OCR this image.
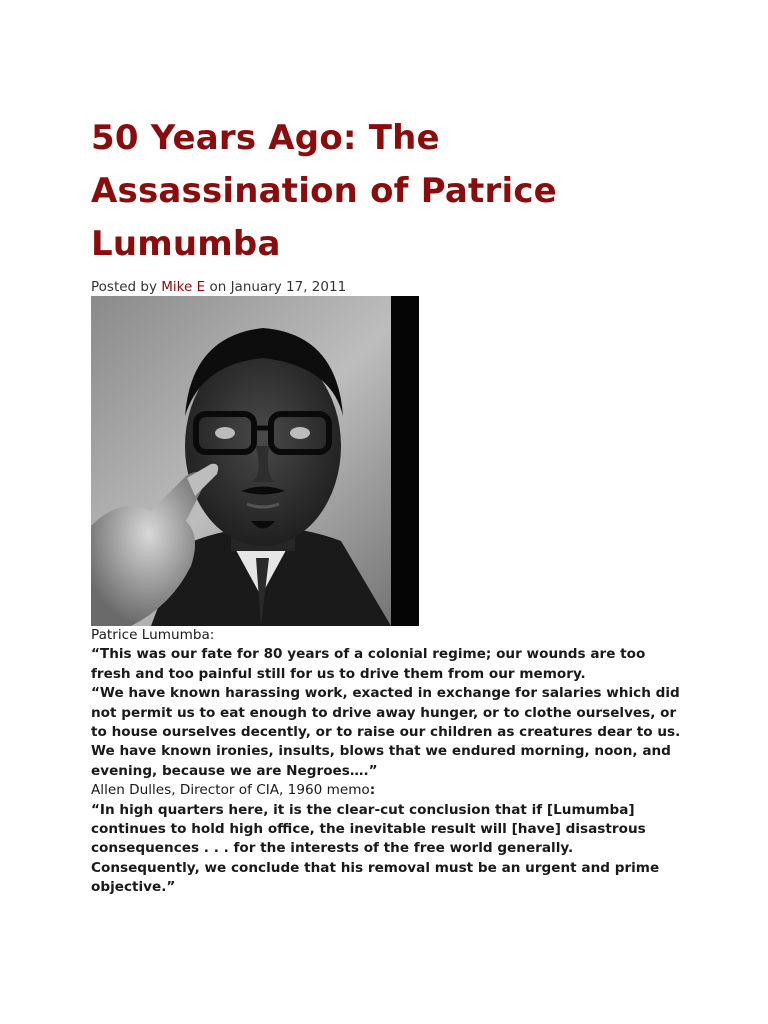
50 Years Ago: The
Assassination of Patrice
Lumumba
Posted by Mike E on January 17, 2011

Patrice Lumumba:

“This was our fate for 80 years of a colonial regime; our wounds are too fresh and too painful still for us to drive them from our memory.

“We have known harassing work, exacted in exchange for salaries which did not permit us to eat enough to drive away hunger, or to clothe ourselves, or to house ourselves decently, or to raise our children as creatures dear to us. We have known ironies, insults, blows that we endured morning, noon, and evening, because we are Negroes….”

Allen Dulles, Director of CIA, 1960 memo:

“In high quarters here, it is the clear-cut conclusion that if [Lumumba] continues to hold high office, the inevitable result will [have] disastrous consequences . . . for the interests of the free world generally. Consequently, we conclude that his removal must be an urgent and prime objective.”
